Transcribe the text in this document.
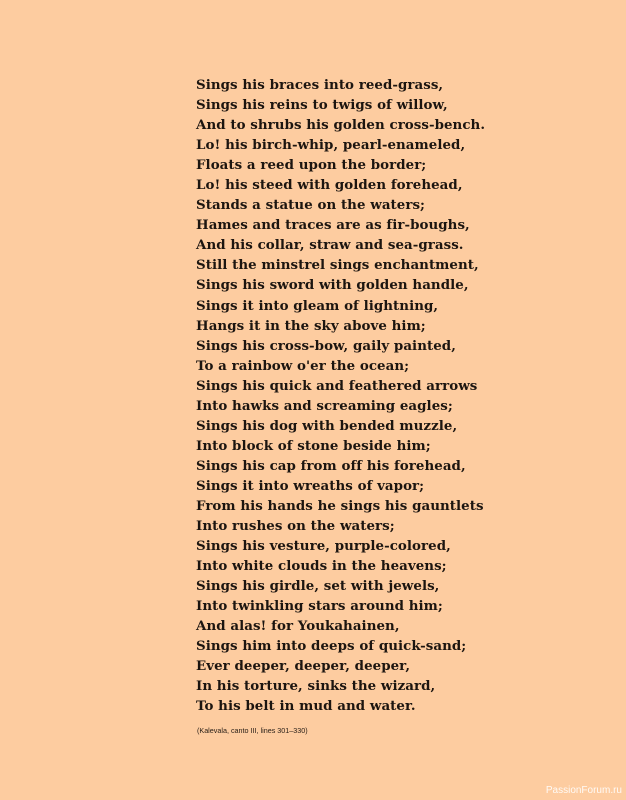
Sings his braces into reed-grass,
Sings his reins to twigs of willow,
And to shrubs his golden cross-bench.
Lo! his birch-whip, pearl-enameled,
Floats a reed upon the border;
Lo! his steed with golden forehead,
Stands a statue on the waters;
Hames and traces are as fir-boughs,
And his collar, straw and sea-grass.
Still the minstrel sings enchantment,
Sings his sword with golden handle,
Sings it into gleam of lightning,
Hangs it in the sky above him;
Sings his cross-bow, gaily painted,
To a rainbow o'er the ocean;
Sings his quick and feathered arrows
Into hawks and screaming eagles;
Sings his dog with bended muzzle,
Into block of stone beside him;
Sings his cap from off his forehead,
Sings it into wreaths of vapor;
From his hands he sings his gauntlets
Into rushes on the waters;
Sings his vesture, purple-colored,
Into white clouds in the heavens;
Sings his girdle, set with jewels,
Into twinkling stars around him;
And alas! for Youkahainen,
Sings him into deeps of quick-sand;
Ever deeper, deeper, deeper,
In his torture, sinks the wizard,
To his belt in mud and water.
(Kalevala, canto III, lines 301–330)
PassionForum.ru
